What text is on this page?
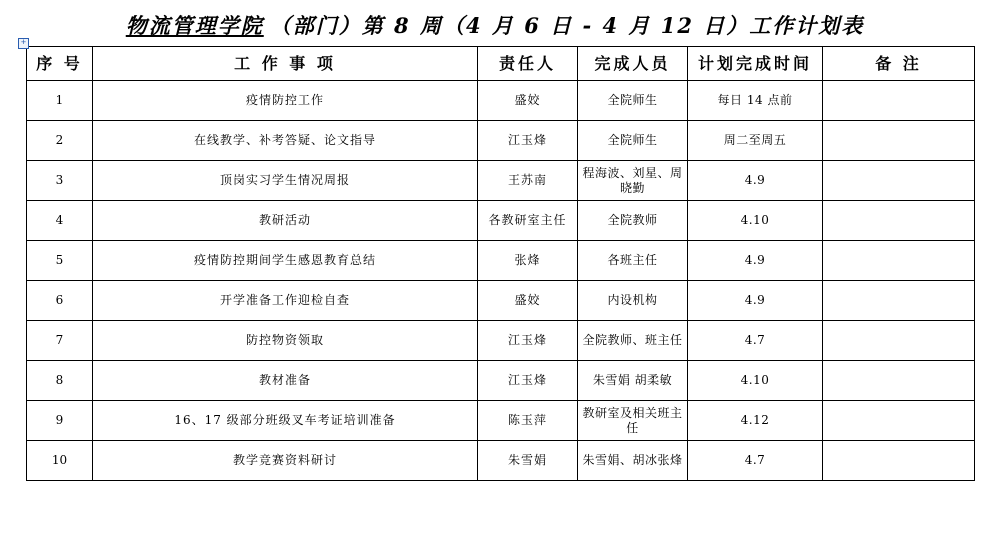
+
物流管理学院 （部门）第 8 周（4 月 6 日 - 4 月 12 日）工作计划表
序 号	工 作 事 项	责任人	完成人员	计划完成时间	备 注
1	疫情防控工作	盛姣	全院师生	每日 14 点前	
2	在线教学、补考答疑、论文指导	江玉烽	全院师生	周二至周五	
3	顶岗实习学生情况周报	王苏南	程海波、刘星、周晓勤	4.9	
4	教研活动	各教研室主任	全院教师	4.10	
5	疫情防控期间学生感恩教育总结	张烽	各班主任	4.9	
6	开学准备工作迎检自查	盛姣	内设机构	4.9	
7	防控物资领取	江玉烽	全院教师、班主任	4.7	
8	教材准备	江玉烽	朱雪娟 胡柔敏	4.10	
9	16、17 级部分班级叉车考证培训准备	陈玉萍	教研室及相关班主任	4.12	
10	教学竞赛资料研讨	朱雪娟	朱雪娟、胡冰张烽	4.7	
